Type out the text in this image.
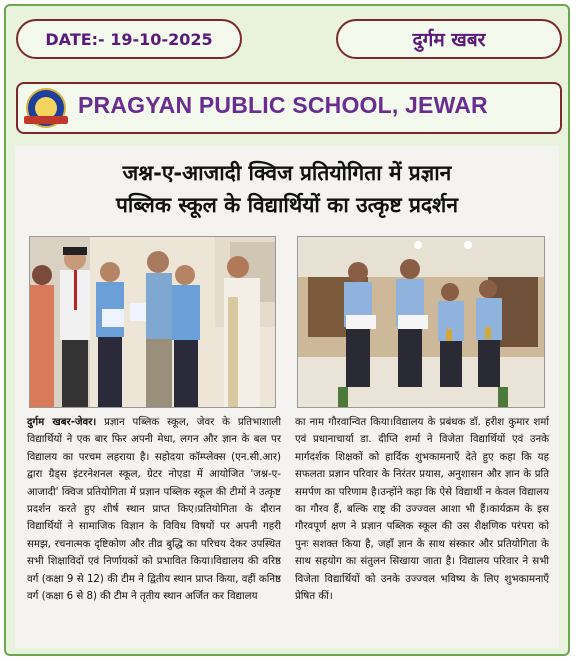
DATE:- 19-10-2025	दुर्गम खबर
PRAGYAN PUBLIC SCHOOL, JEWAR
जश्न-ए-आजादी क्विज प्रतियोगिता में प्रज्ञान
पब्लिक स्कूल के विद्यार्थियों का उत्कृष्ट प्रदर्शन
दुर्गम खबर-जेवर। प्रज्ञान पब्लिक स्कूल, जेवर के प्रतिभाशाली विद्यार्थियों ने एक बार फिर अपनी मेधा, लगन और ज्ञान के बल पर विद्यालय का परचम लहराया है। सहोदया कॉम्प्लेक्स (एन.सी.आर) द्वारा ग्रैड्स इंटरनेशनल स्कूल, ग्रेटर नोएडा में आयोजित 'जश्न-ए-आजादी' क्विज प्रतियोगिता में प्रज्ञान पब्लिक स्कूल की टीमों ने उत्कृष्ट प्रदर्शन करते हुए शीर्ष स्थान प्राप्त किए।प्रतियोगिता के दौरान विद्यार्थियों ने सामाजिक विज्ञान के विविध विषयों पर अपनी गहरी समझ, रचनात्मक दृष्टिकोण और तीव्र बुद्धि का परिचय देकर उपस्थित सभी शिक्षाविदों एवं निर्णायकों को प्रभावित किया।विद्यालय की वरिष्ठ वर्ग (कक्षा 9 से 12) की टीम ने द्वितीय स्थान प्राप्त किया, वहीं कनिष्ठ वर्ग (कक्षा 6 से 8) की टीम ने तृतीय स्थान अर्जित कर विद्यालय
का नाम गौरवान्वित किया।विद्यालय के प्रबंधक डॉ. हरीश कुमार शर्मा एवं प्रधानाचार्या डा. दीप्ति शर्मा ने विजेता विद्यार्थियों एवं उनके मार्गदर्शक शिक्षकों को हार्दिक शुभकामनाएँ देते हुए कहा कि यह सफलता प्रज्ञान परिवार के निरंतर प्रयास, अनुशासन और ज्ञान के प्रति समर्पण का परिणाम है।उन्होंने कहा कि ऐसे विद्यार्थी न केवल विद्यालय का गौरव हैं, बल्कि राष्ट्र की उज्ज्वल आशा भी हैं।कार्यक्रम के इस गौरवपूर्ण क्षण ने प्रज्ञान पब्लिक स्कूल की उस शैक्षणिक परंपरा को पुनः सशक्त किया है, जहाँ ज्ञान के साथ संस्कार और प्रतियोगिता के साथ सहयोग का संतुलन सिखाया जाता है। विद्यालय परिवार ने सभी विजेता विद्यार्थियों को उनके उज्ज्वल भविष्य के लिए शुभकामनाएँ प्रेषित कीं।
